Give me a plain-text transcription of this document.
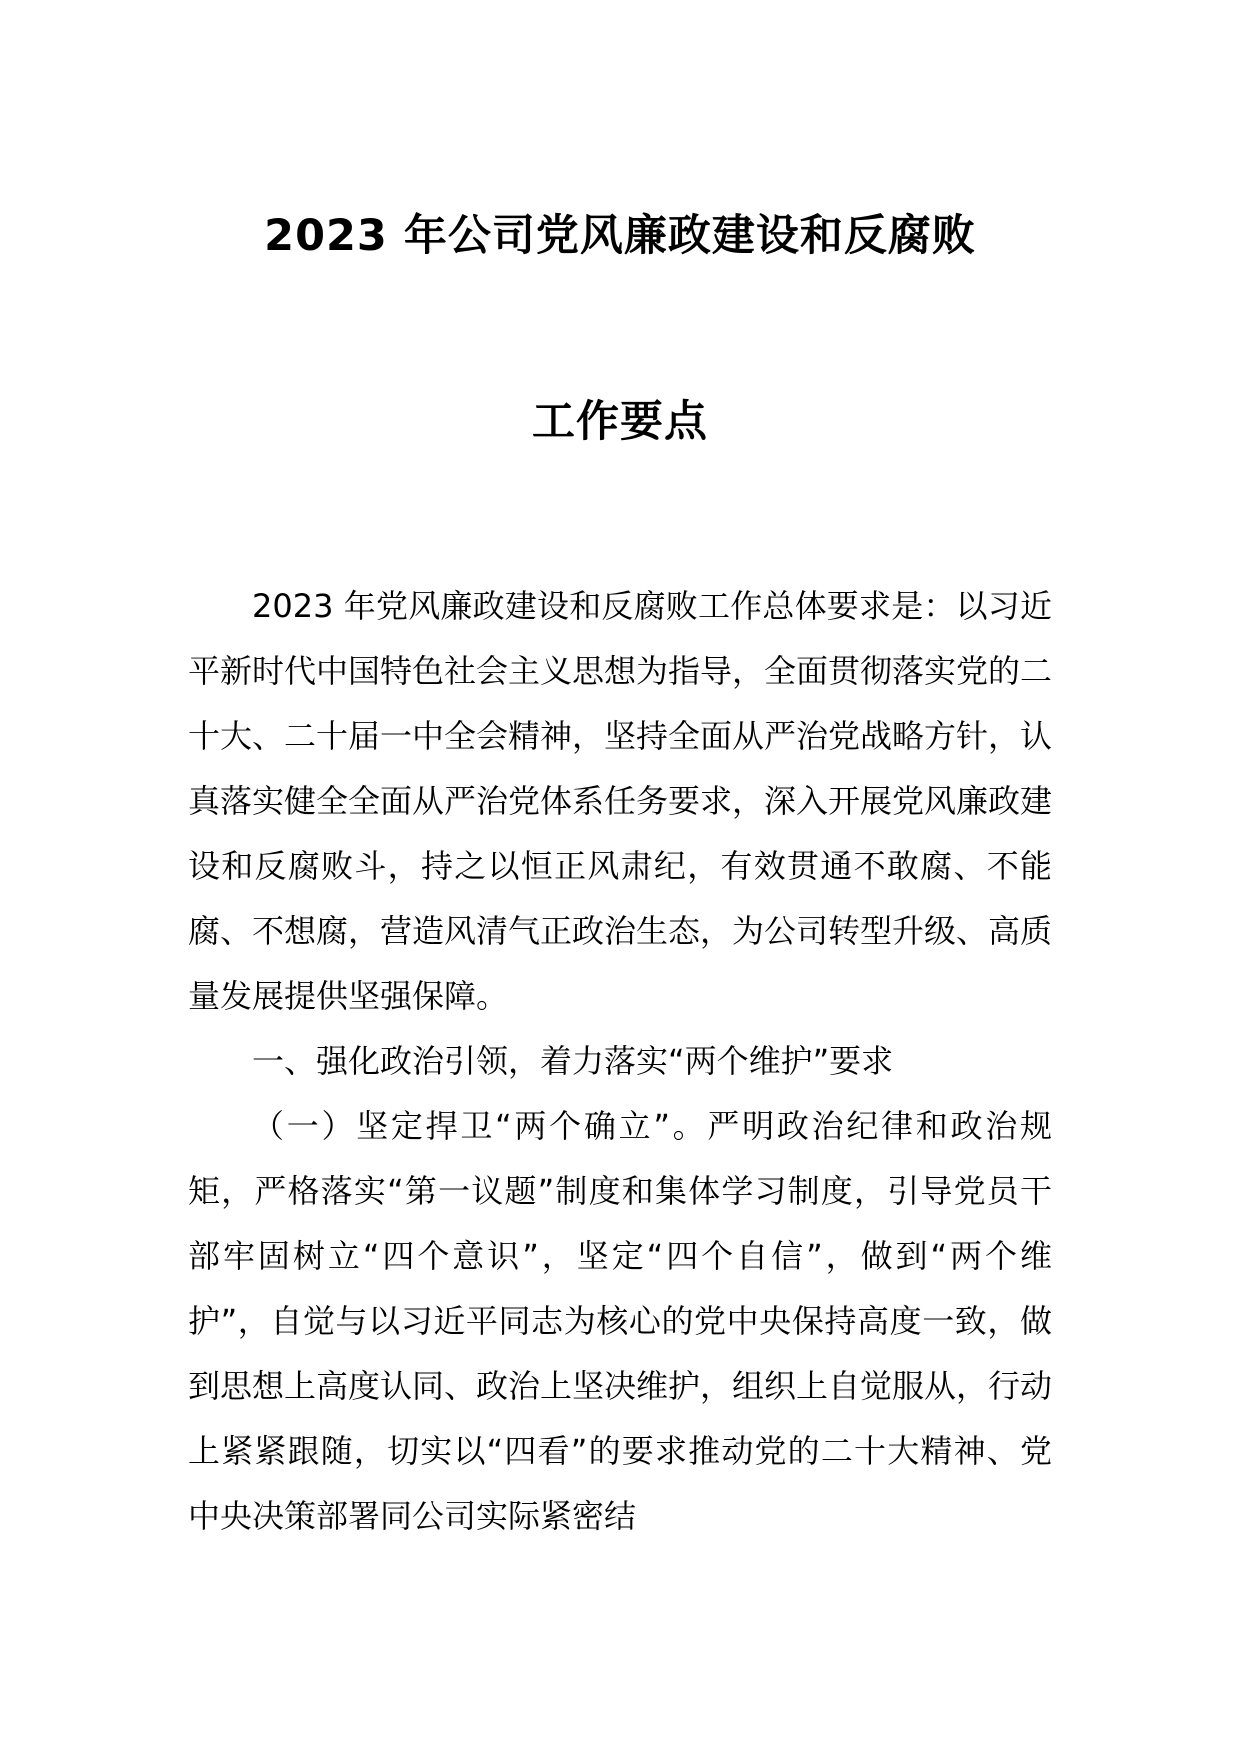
2023 年公司党风廉政建设和反腐败
工作要点

2023 年党风廉政建设和反腐败工作总体要求是：以习近平新时代中国特色社会主义思想为指导，全面贯彻落实党的二十大、二十届一中全会精神，坚持全面从严治党战略方针，认真落实健全全面从严治党体系任务要求，深入开展党风廉政建设和反腐败斗，持之以恒正风肃纪，有效贯通不敢腐、不能腐、不想腐，营造风清气正政治生态，为公司转型升级、高质量发展提供坚强保障。

一、强化政治引领，着力落实“两个维护”要求

（一）坚定捍卫“两个确立”。严明政治纪律和政治规矩，严格落实“第一议题”制度和集体学习制度，引导党员干部牢固树立“四个意识”，坚定“四个自信”，做到“两个维护”，自觉与以习近平同志为核心的党中央保持高度一致，做到思想上高度认同、政治上坚决维护，组织上自觉服从，行动上紧紧跟随，切实以“四看”的要求推动党的二十大精神、党中央决策部署同公司实际紧密结
